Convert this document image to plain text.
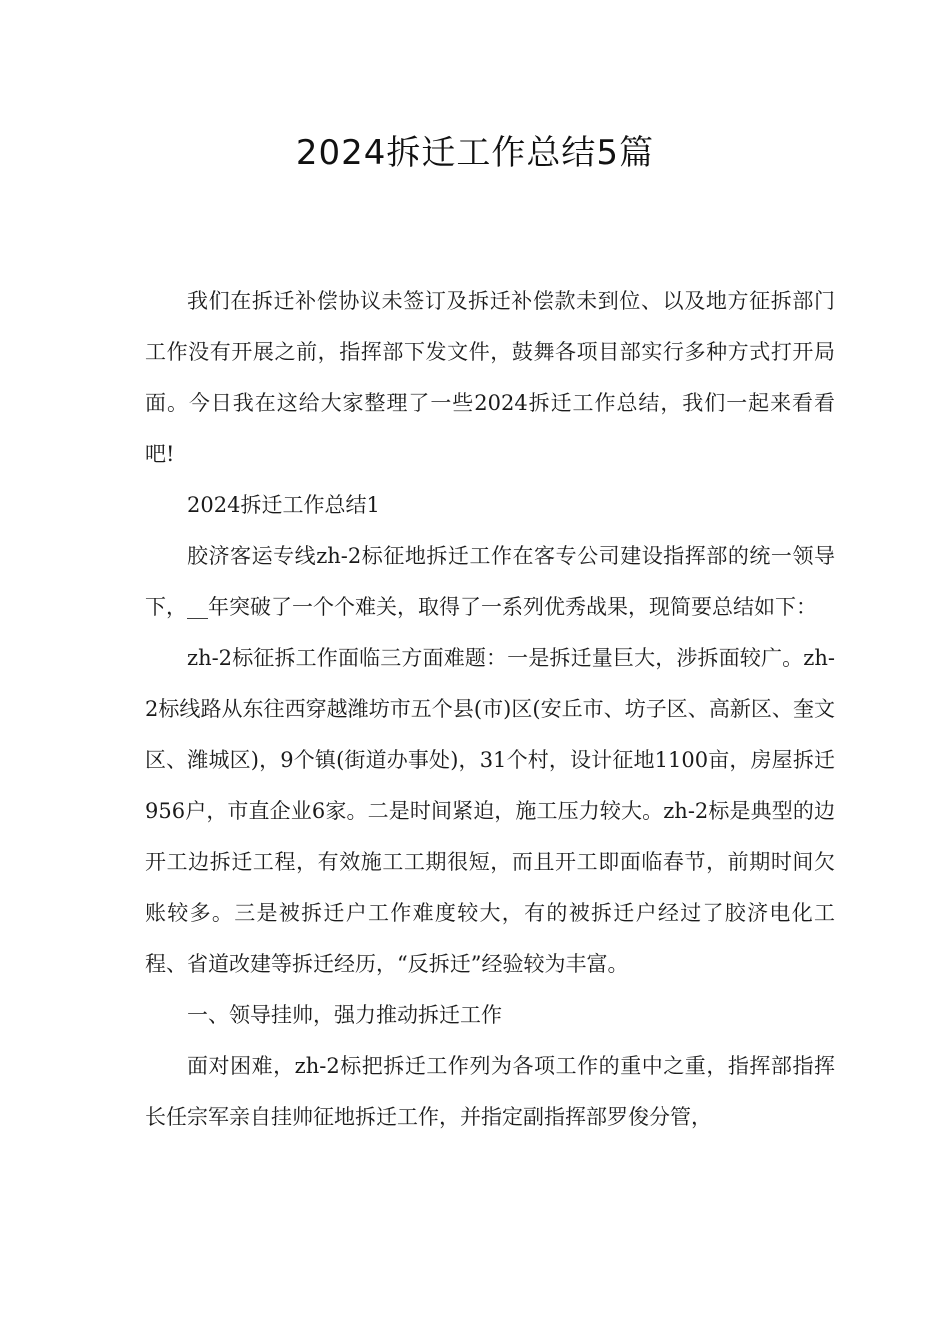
2024拆迁工作总结5篇

我们在拆迁补偿协议未签订及拆迁补偿款未到位、以及地方征拆部门工作没有开展之前，指挥部下发文件，鼓舞各项目部实行多种方式打开局面。今日我在这给大家整理了一些2024拆迁工作总结，我们一起来看看吧!

2024拆迁工作总结1

胶济客运专线zh-2标征地拆迁工作在客专公司建设指挥部的统一领导下，__年突破了一个个难关，取得了一系列优秀战果，现简要总结如下：

zh-2标征拆工作面临三方面难题：一是拆迁量巨大，涉拆面较广。zh-2标线路从东往西穿越潍坊市五个县(市)区(安丘市、坊子区、高新区、奎文区、潍城区)，9个镇(街道办事处)，31个村，设计征地1100亩，房屋拆迁956户，市直企业6家。二是时间紧迫，施工压力较大。zh-2标是典型的边开工边拆迁工程，有效施工工期很短，而且开工即面临春节，前期时间欠账较多。三是被拆迁户工作难度较大，有的被拆迁户经过了胶济电化工程、省道改建等拆迁经历，“反拆迁”经验较为丰富。

一、领导挂帅，强力推动拆迁工作

面对困难，zh-2标把拆迁工作列为各项工作的重中之重，指挥部指挥长任宗军亲自挂帅征地拆迁工作，并指定副指挥部罗俊分管，
